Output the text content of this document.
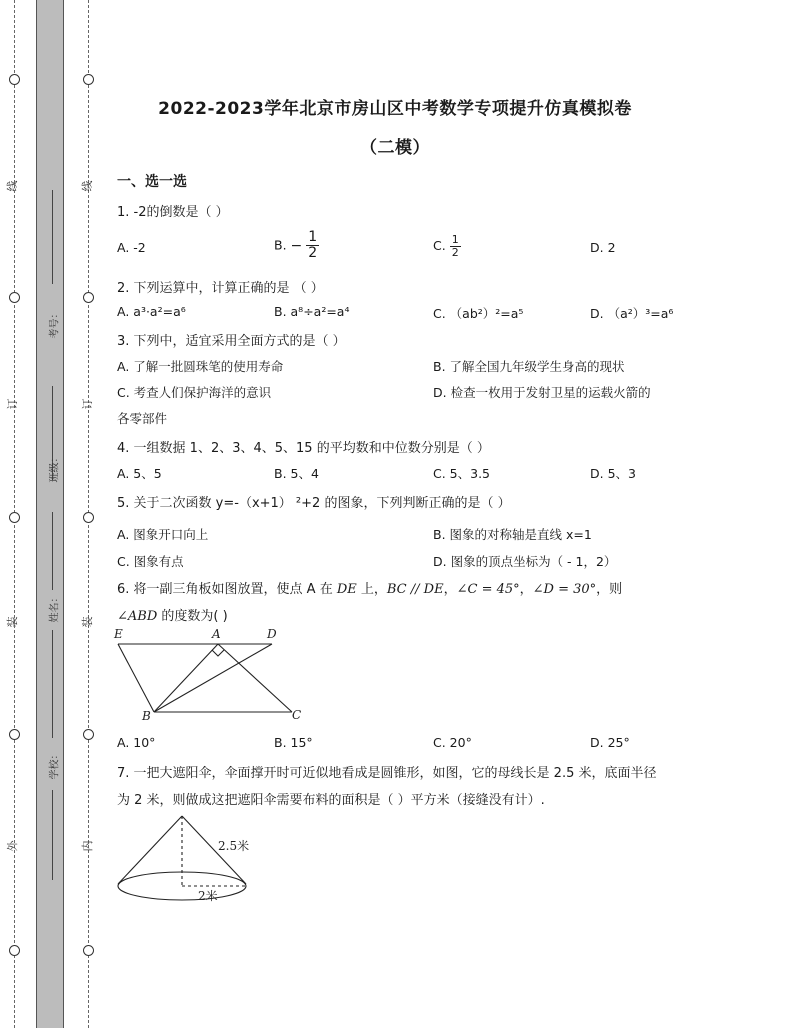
线
订
装
外
线
订
装
内
考号：
班级：
姓名：
学校：
2022-2023学年北京市房山区中考数学专项提升仿真模拟卷
（二模）
一、选一选
1. -2的倒数是（ ）
A. -2	B. − $\frac{1}{2}$	C. $\frac{1}{2}$	D. 2
2. 下列运算中，计算正确的是 （ ）
A. a³·a²=a⁶	B. a⁸÷a²=a⁴	C. （ab²）²=a⁵	D. （a²）³=a⁶
3. 下列中，适宜采用全面方式的是（ ）
A. 了解一批圆珠笔的使用寿命	B. 了解全国九年级学生身高的现状
C. 考查人们保护海洋的意识	D. 检查一枚用于发射卫星的运载火箭的
各零部件
4. 一组数据 1、2、3、4、5、15 的平均数和中位数分别是（ ）
A. 5、5	B. 5、4	C. 5、3.5	D. 5、3
5. 关于二次函数 y=-（x+1） ²+2 的图象，下列判断正确的是（ ）
A. 图象开口向上	B. 图象的对称轴是直线 x=1
C. 图象有点	D. 图象的顶点坐标为（ - 1，2）
6. 将一副三角板如图放置，使点 A 在 DE 上，BC // DE，∠C = 45°，∠D = 30°，则
∠ABD 的度数为( )
E	A	D
B	C
A. 10°	B. 15°	C. 20°	D. 25°
7. 一把大遮阳伞，伞面撑开时可近似地看成是圆锥形，如图，它的母线长是 2.5 米，底面半径
为 2 米，则做成这把遮阳伞需要布料的面积是（ ）平方米（接缝没有计）.
2.5米
2米
